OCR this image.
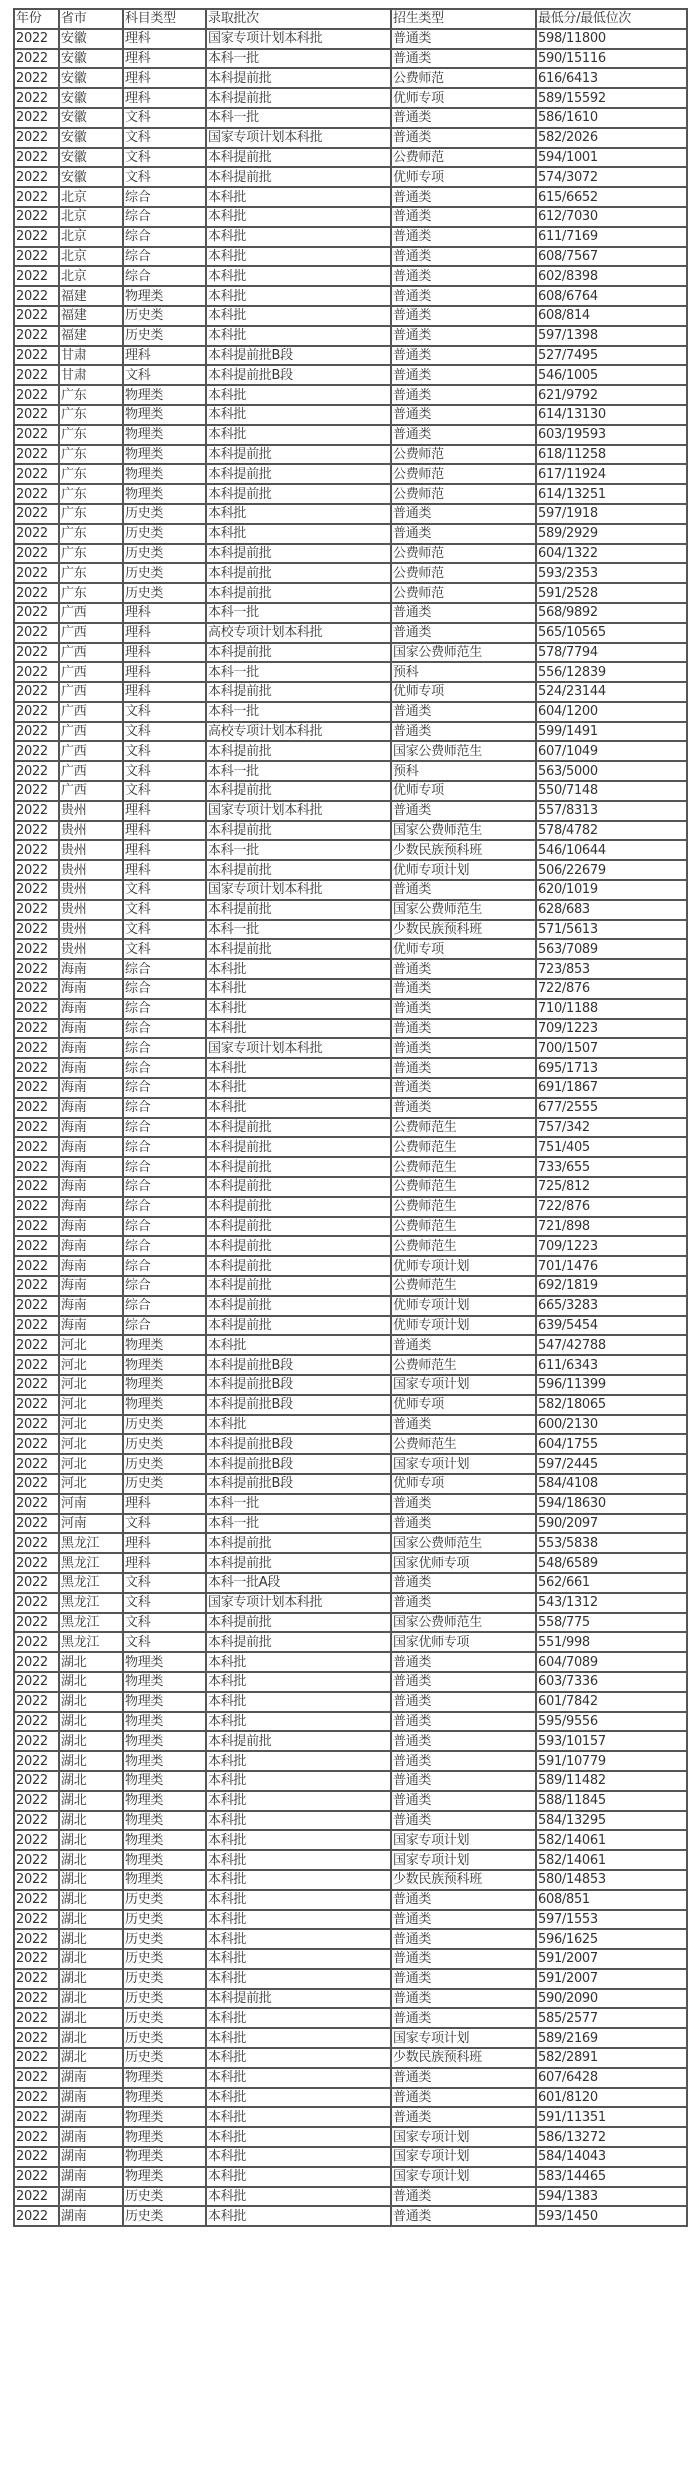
年份	省市	科目类型	录取批次	招生类型	最低分/最低位次
2022	安徽	理科	国家专项计划本科批	普通类	598/11800
2022	安徽	理科	本科一批	普通类	590/15116
2022	安徽	理科	本科提前批	公费师范	616/6413
2022	安徽	理科	本科提前批	优师专项	589/15592
2022	安徽	文科	本科一批	普通类	586/1610
2022	安徽	文科	国家专项计划本科批	普通类	582/2026
2022	安徽	文科	本科提前批	公费师范	594/1001
2022	安徽	文科	本科提前批	优师专项	574/3072
2022	北京	综合	本科批	普通类	615/6652
2022	北京	综合	本科批	普通类	612/7030
2022	北京	综合	本科批	普通类	611/7169
2022	北京	综合	本科批	普通类	608/7567
2022	北京	综合	本科批	普通类	602/8398
2022	福建	物理类	本科批	普通类	608/6764
2022	福建	历史类	本科批	普通类	608/814
2022	福建	历史类	本科批	普通类	597/1398
2022	甘肃	理科	本科提前批B段	普通类	527/7495
2022	甘肃	文科	本科提前批B段	普通类	546/1005
2022	广东	物理类	本科批	普通类	621/9792
2022	广东	物理类	本科批	普通类	614/13130
2022	广东	物理类	本科批	普通类	603/19593
2022	广东	物理类	本科提前批	公费师范	618/11258
2022	广东	物理类	本科提前批	公费师范	617/11924
2022	广东	物理类	本科提前批	公费师范	614/13251
2022	广东	历史类	本科批	普通类	597/1918
2022	广东	历史类	本科批	普通类	589/2929
2022	广东	历史类	本科提前批	公费师范	604/1322
2022	广东	历史类	本科提前批	公费师范	593/2353
2022	广东	历史类	本科提前批	公费师范	591/2528
2022	广西	理科	本科一批	普通类	568/9892
2022	广西	理科	高校专项计划本科批	普通类	565/10565
2022	广西	理科	本科提前批	国家公费师范生	578/7794
2022	广西	理科	本科一批	预科	556/12839
2022	广西	理科	本科提前批	优师专项	524/23144
2022	广西	文科	本科一批	普通类	604/1200
2022	广西	文科	高校专项计划本科批	普通类	599/1491
2022	广西	文科	本科提前批	国家公费师范生	607/1049
2022	广西	文科	本科一批	预科	563/5000
2022	广西	文科	本科提前批	优师专项	550/7148
2022	贵州	理科	国家专项计划本科批	普通类	557/8313
2022	贵州	理科	本科提前批	国家公费师范生	578/4782
2022	贵州	理科	本科一批	少数民族预科班	546/10644
2022	贵州	理科	本科提前批	优师专项计划	506/22679
2022	贵州	文科	国家专项计划本科批	普通类	620/1019
2022	贵州	文科	本科提前批	国家公费师范生	628/683
2022	贵州	文科	本科一批	少数民族预科班	571/5613
2022	贵州	文科	本科提前批	优师专项	563/7089
2022	海南	综合	本科批	普通类	723/853
2022	海南	综合	本科批	普通类	722/876
2022	海南	综合	本科批	普通类	710/1188
2022	海南	综合	本科批	普通类	709/1223
2022	海南	综合	国家专项计划本科批	普通类	700/1507
2022	海南	综合	本科批	普通类	695/1713
2022	海南	综合	本科批	普通类	691/1867
2022	海南	综合	本科批	普通类	677/2555
2022	海南	综合	本科提前批	公费师范生	757/342
2022	海南	综合	本科提前批	公费师范生	751/405
2022	海南	综合	本科提前批	公费师范生	733/655
2022	海南	综合	本科提前批	公费师范生	725/812
2022	海南	综合	本科提前批	公费师范生	722/876
2022	海南	综合	本科提前批	公费师范生	721/898
2022	海南	综合	本科提前批	公费师范生	709/1223
2022	海南	综合	本科提前批	优师专项计划	701/1476
2022	海南	综合	本科提前批	公费师范生	692/1819
2022	海南	综合	本科提前批	优师专项计划	665/3283
2022	海南	综合	本科提前批	优师专项计划	639/5454
2022	河北	物理类	本科批	普通类	547/42788
2022	河北	物理类	本科提前批B段	公费师范生	611/6343
2022	河北	物理类	本科提前批B段	国家专项计划	596/11399
2022	河北	物理类	本科提前批B段	优师专项	582/18065
2022	河北	历史类	本科批	普通类	600/2130
2022	河北	历史类	本科提前批B段	公费师范生	604/1755
2022	河北	历史类	本科提前批B段	国家专项计划	597/2445
2022	河北	历史类	本科提前批B段	优师专项	584/4108
2022	河南	理科	本科一批	普通类	594/18630
2022	河南	文科	本科一批	普通类	590/2097
2022	黑龙江	理科	本科提前批	国家公费师范生	553/5838
2022	黑龙江	理科	本科提前批	国家优师专项	548/6589
2022	黑龙江	文科	本科一批A段	普通类	562/661
2022	黑龙江	文科	国家专项计划本科批	普通类	543/1312
2022	黑龙江	文科	本科提前批	国家公费师范生	558/775
2022	黑龙江	文科	本科提前批	国家优师专项	551/998
2022	湖北	物理类	本科批	普通类	604/7089
2022	湖北	物理类	本科批	普通类	603/7336
2022	湖北	物理类	本科批	普通类	601/7842
2022	湖北	物理类	本科批	普通类	595/9556
2022	湖北	物理类	本科提前批	普通类	593/10157
2022	湖北	物理类	本科批	普通类	591/10779
2022	湖北	物理类	本科批	普通类	589/11482
2022	湖北	物理类	本科批	普通类	588/11845
2022	湖北	物理类	本科批	普通类	584/13295
2022	湖北	物理类	本科批	国家专项计划	582/14061
2022	湖北	物理类	本科批	国家专项计划	582/14061
2022	湖北	物理类	本科批	少数民族预科班	580/14853
2022	湖北	历史类	本科批	普通类	608/851
2022	湖北	历史类	本科批	普通类	597/1553
2022	湖北	历史类	本科批	普通类	596/1625
2022	湖北	历史类	本科批	普通类	591/2007
2022	湖北	历史类	本科批	普通类	591/2007
2022	湖北	历史类	本科提前批	普通类	590/2090
2022	湖北	历史类	本科批	普通类	585/2577
2022	湖北	历史类	本科批	国家专项计划	589/2169
2022	湖北	历史类	本科批	少数民族预科班	582/2891
2022	湖南	物理类	本科批	普通类	607/6428
2022	湖南	物理类	本科批	普通类	601/8120
2022	湖南	物理类	本科批	普通类	591/11351
2022	湖南	物理类	本科批	国家专项计划	586/13272
2022	湖南	物理类	本科批	国家专项计划	584/14043
2022	湖南	物理类	本科批	国家专项计划	583/14465
2022	湖南	历史类	本科批	普通类	594/1383
2022	湖南	历史类	本科批	普通类	593/1450
